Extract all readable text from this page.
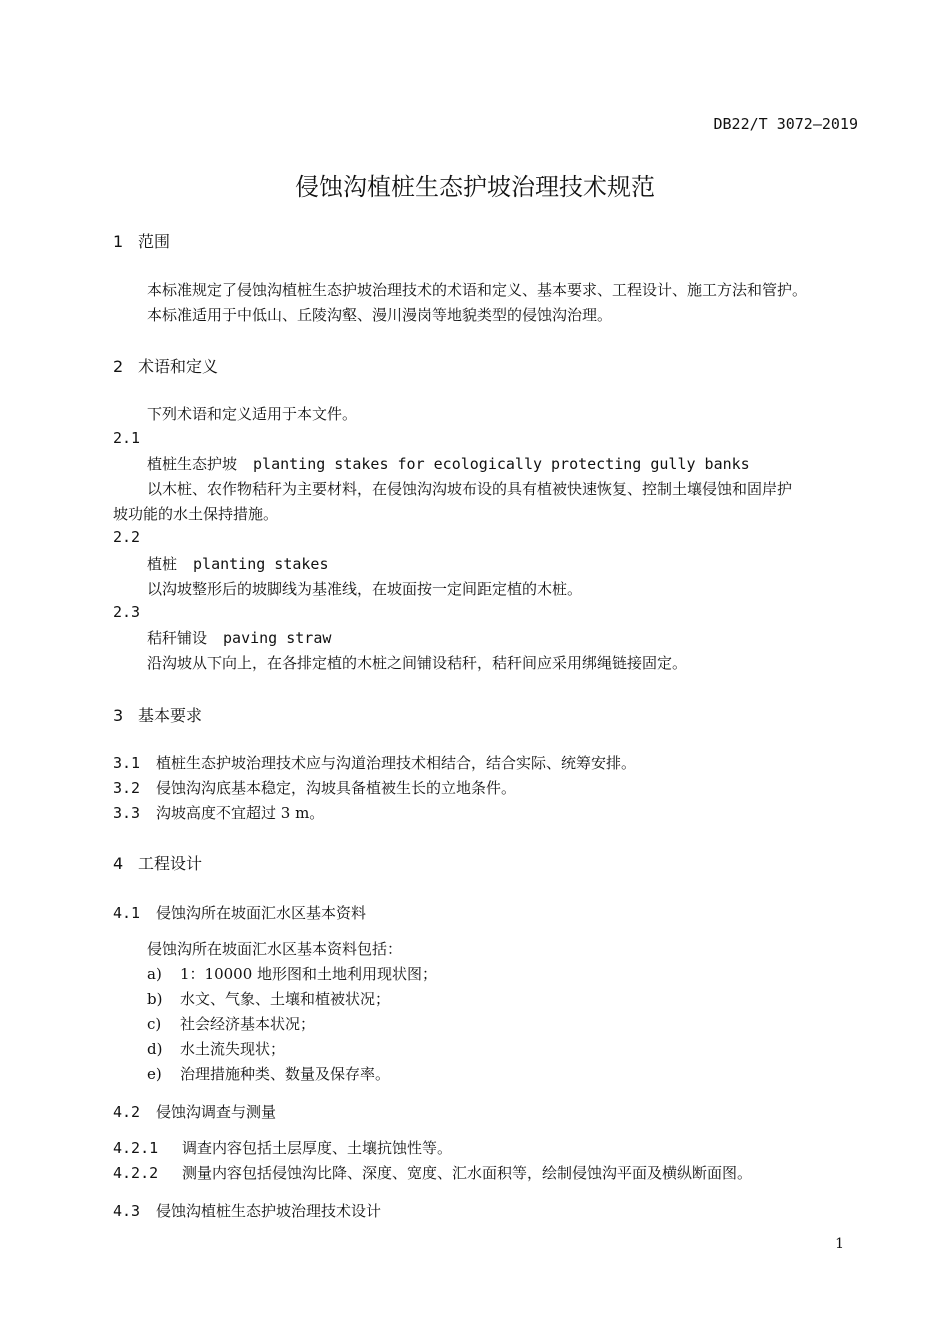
DB22/T 3072—2019
侵蚀沟植桩生态护坡治理技术规范
1 范围
本标准规定了侵蚀沟植桩生态护坡治理技术的术语和定义、基本要求、工程设计、施工方法和管护。
本标准适用于中低山、丘陵沟壑、漫川漫岗等地貌类型的侵蚀沟治理。
2 术语和定义
下列术语和定义适用于本文件。
2.1
植桩生态护坡 planting stakes for ecologically protecting gully banks
以木桩、农作物秸秆为主要材料，在侵蚀沟沟坡布设的具有植被快速恢复、控制土壤侵蚀和固岸护
坡功能的水土保持措施。
2.2
植桩 planting stakes
以沟坡整形后的坡脚线为基准线，在坡面按一定间距定植的木桩。
2.3
秸秆铺设 paving straw
沿沟坡从下向上，在各排定植的木桩之间铺设秸秆，秸秆间应采用绑绳链接固定。
3 基本要求
3.1 植桩生态护坡治理技术应与沟道治理技术相结合，结合实际、统筹安排。
3.2 侵蚀沟沟底基本稳定，沟坡具备植被生长的立地条件。
3.3 沟坡高度不宜超过 3 m。
4 工程设计
4.1 侵蚀沟所在坡面汇水区基本资料
侵蚀沟所在坡面汇水区基本资料包括：
a) 1：10000 地形图和土地利用现状图；
b) 水文、气象、土壤和植被状况；
c) 社会经济基本状况；
d) 水土流失现状；
e) 治理措施种类、数量及保存率。
4.2 侵蚀沟调查与测量
4.2.1 调查内容包括土层厚度、土壤抗蚀性等。
4.2.2 测量内容包括侵蚀沟比降、深度、宽度、汇水面积等，绘制侵蚀沟平面及横纵断面图。
4.3 侵蚀沟植桩生态护坡治理技术设计
1
